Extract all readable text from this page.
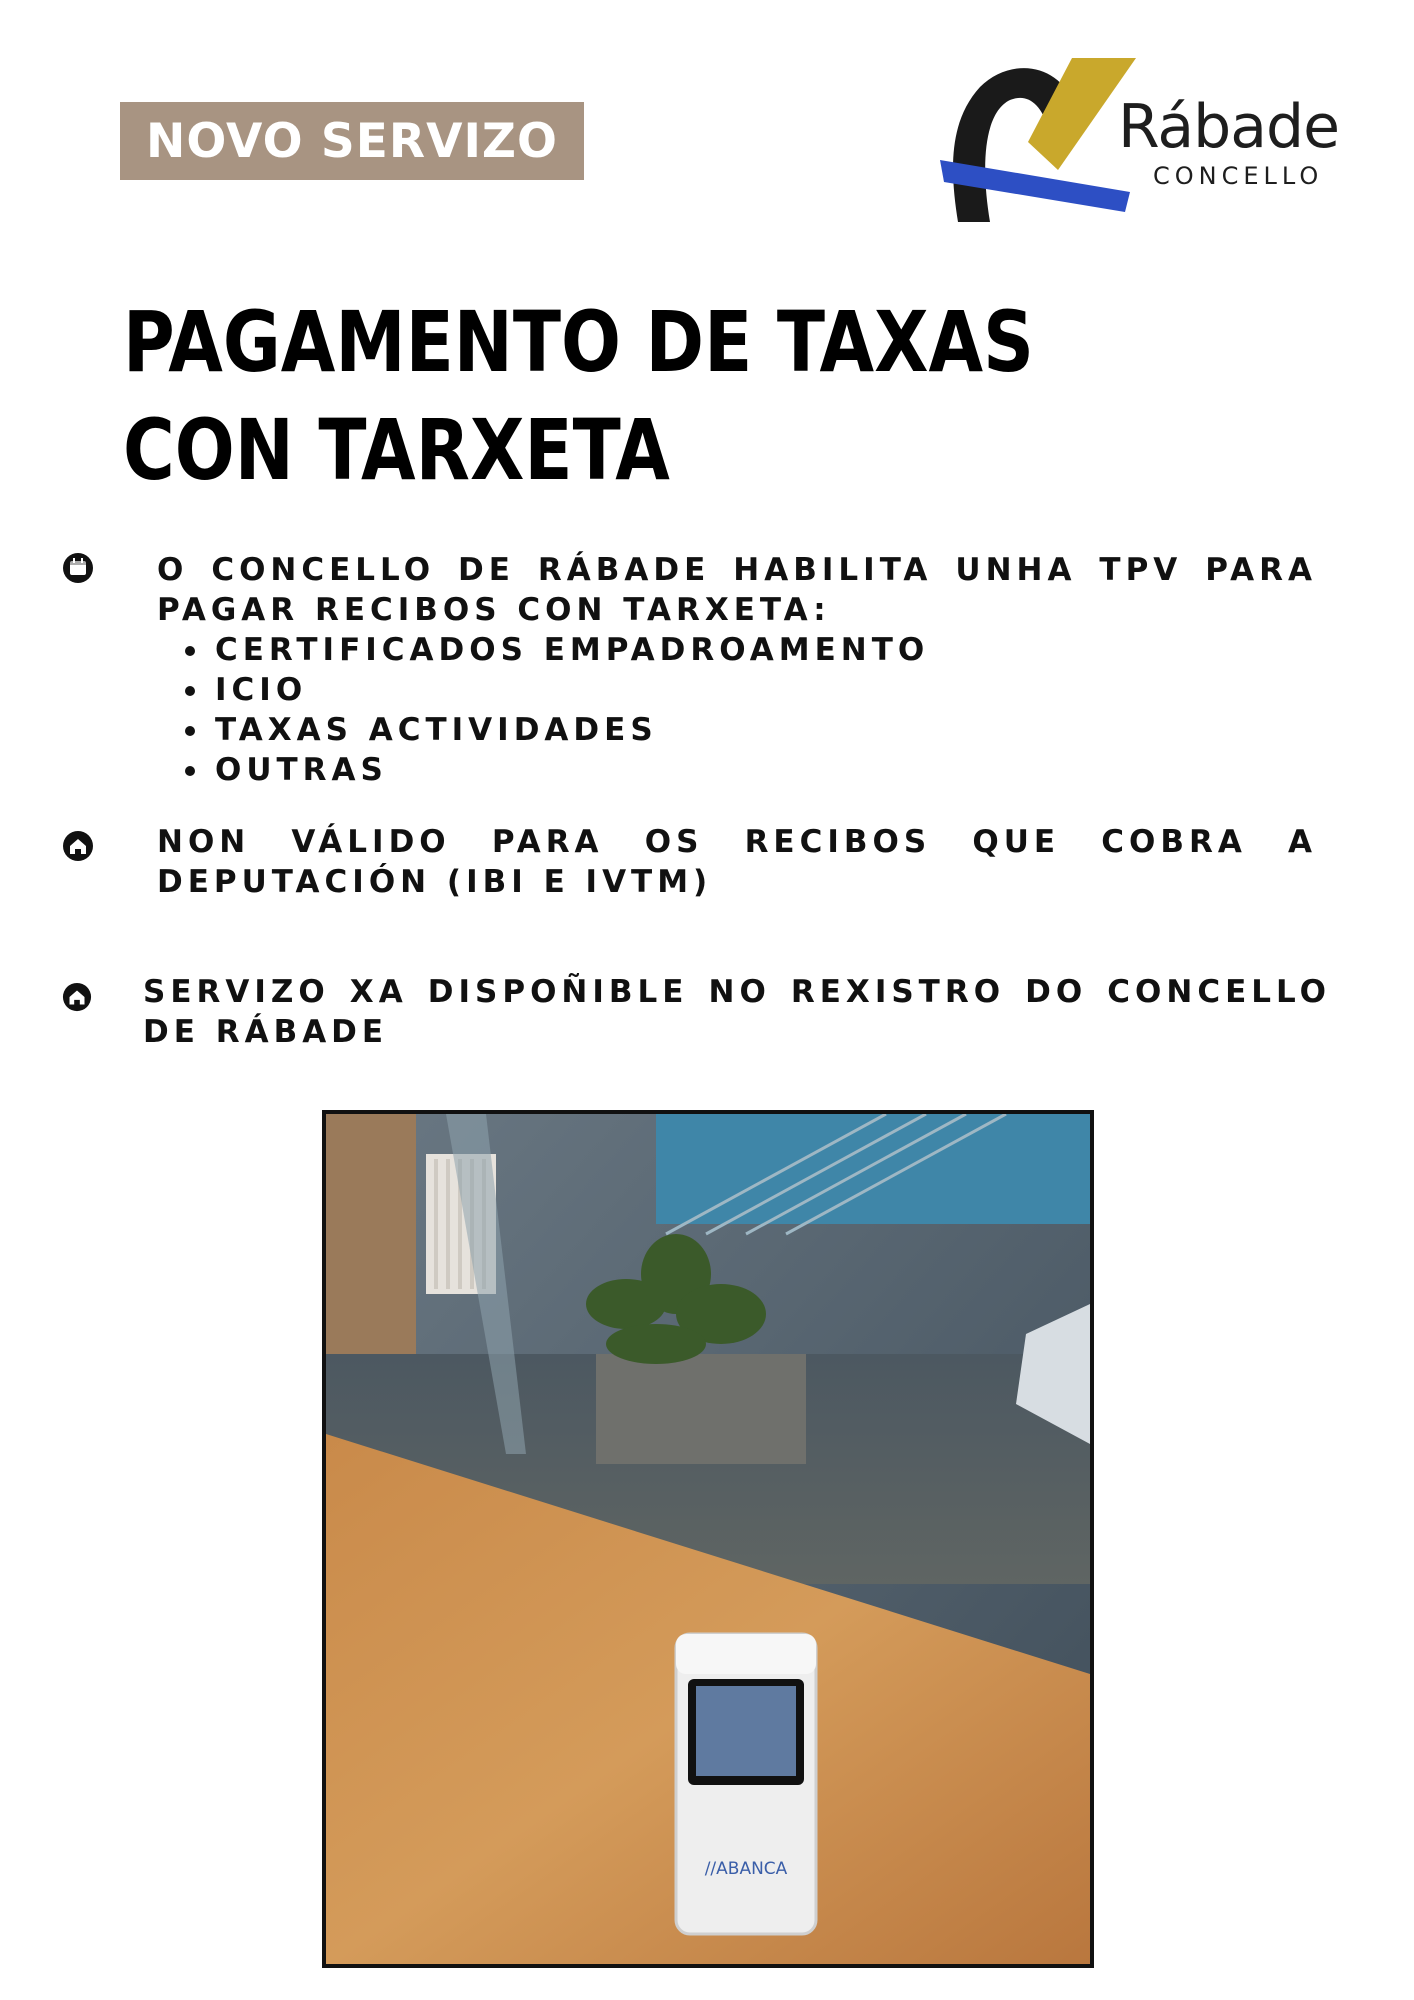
NOVO SERVIZO	Rábade
CONCELLO
PAGAMENTO DE TAXAS
CON TARXETA
O CONCELLO DE RÁBADE HABILITA UNHA TPV PARA PAGAR RECIBOS CON TARXETA:
CERTIFICADOS EMPADROAMENTO
ICIO
TAXAS ACTIVIDADES
OUTRAS
NON VÁLIDO PARA OS RECIBOS QUE COBRA A DEPUTACIÓN (IBI E IVTM)
SERVIZO XA DISPOÑIBLE NO REXISTRO DO CONCELLO DE RÁBADE
//ABANCA
